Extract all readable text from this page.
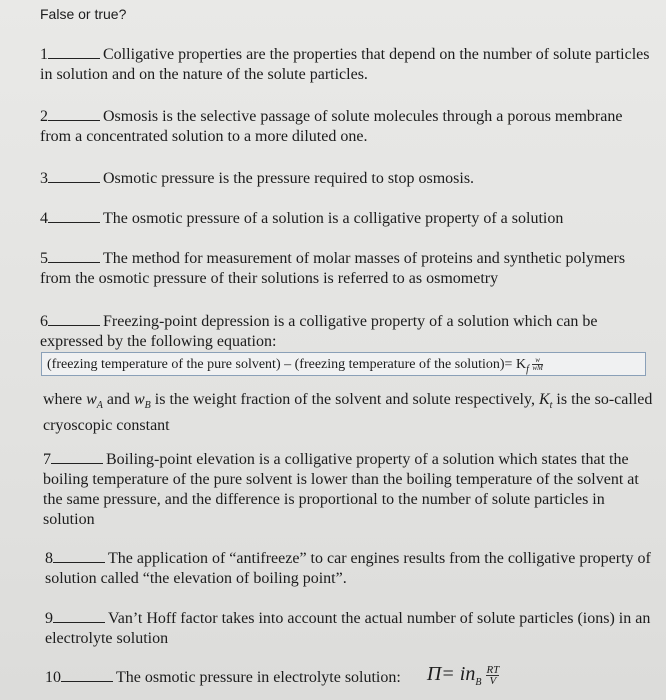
False or true?
1	Colligative properties are the properties that depend on the number of solute particles in solution and on the nature of the solute particles.
2	Osmosis is the selective passage of solute molecules through a porous membrane from a concentrated solution to a more diluted one.
3	Osmotic pressure is the pressure required to stop osmosis.
4	The osmotic pressure of a solution is a colligative property of a solution
5	The method for measurement of molar masses of proteins and synthetic polymers from the osmotic pressure of their solutions is referred to as osmometry
6	Freezing-point depression is a colligative property of a solution which can be expressed by the following equation:
(freezing temperature of the pure solvent) – (freezing temperature of the solution)= $K_f \frac{w}{wM}$
where $w_A$ and $w_B$ is the weight fraction of the solvent and solute respectively, $K_t$ is the so-called cryoscopic constant
7	Boiling-point elevation is a colligative property of a solution which states that the boiling temperature of the pure solvent is lower than the boiling temperature of the solvent at the same pressure, and the difference is proportional to the number of solute particles in solution
8	The application of “antifreeze” to car engines results from the colligative property of solution called “the elevation of boiling point”.
9	Van’t Hoff factor takes into account the actual number of solute particles (ions) in an electrolyte solution
10	The osmotic pressure in electrolyte solution: $\Pi= in_B \frac{RT}{V}$
